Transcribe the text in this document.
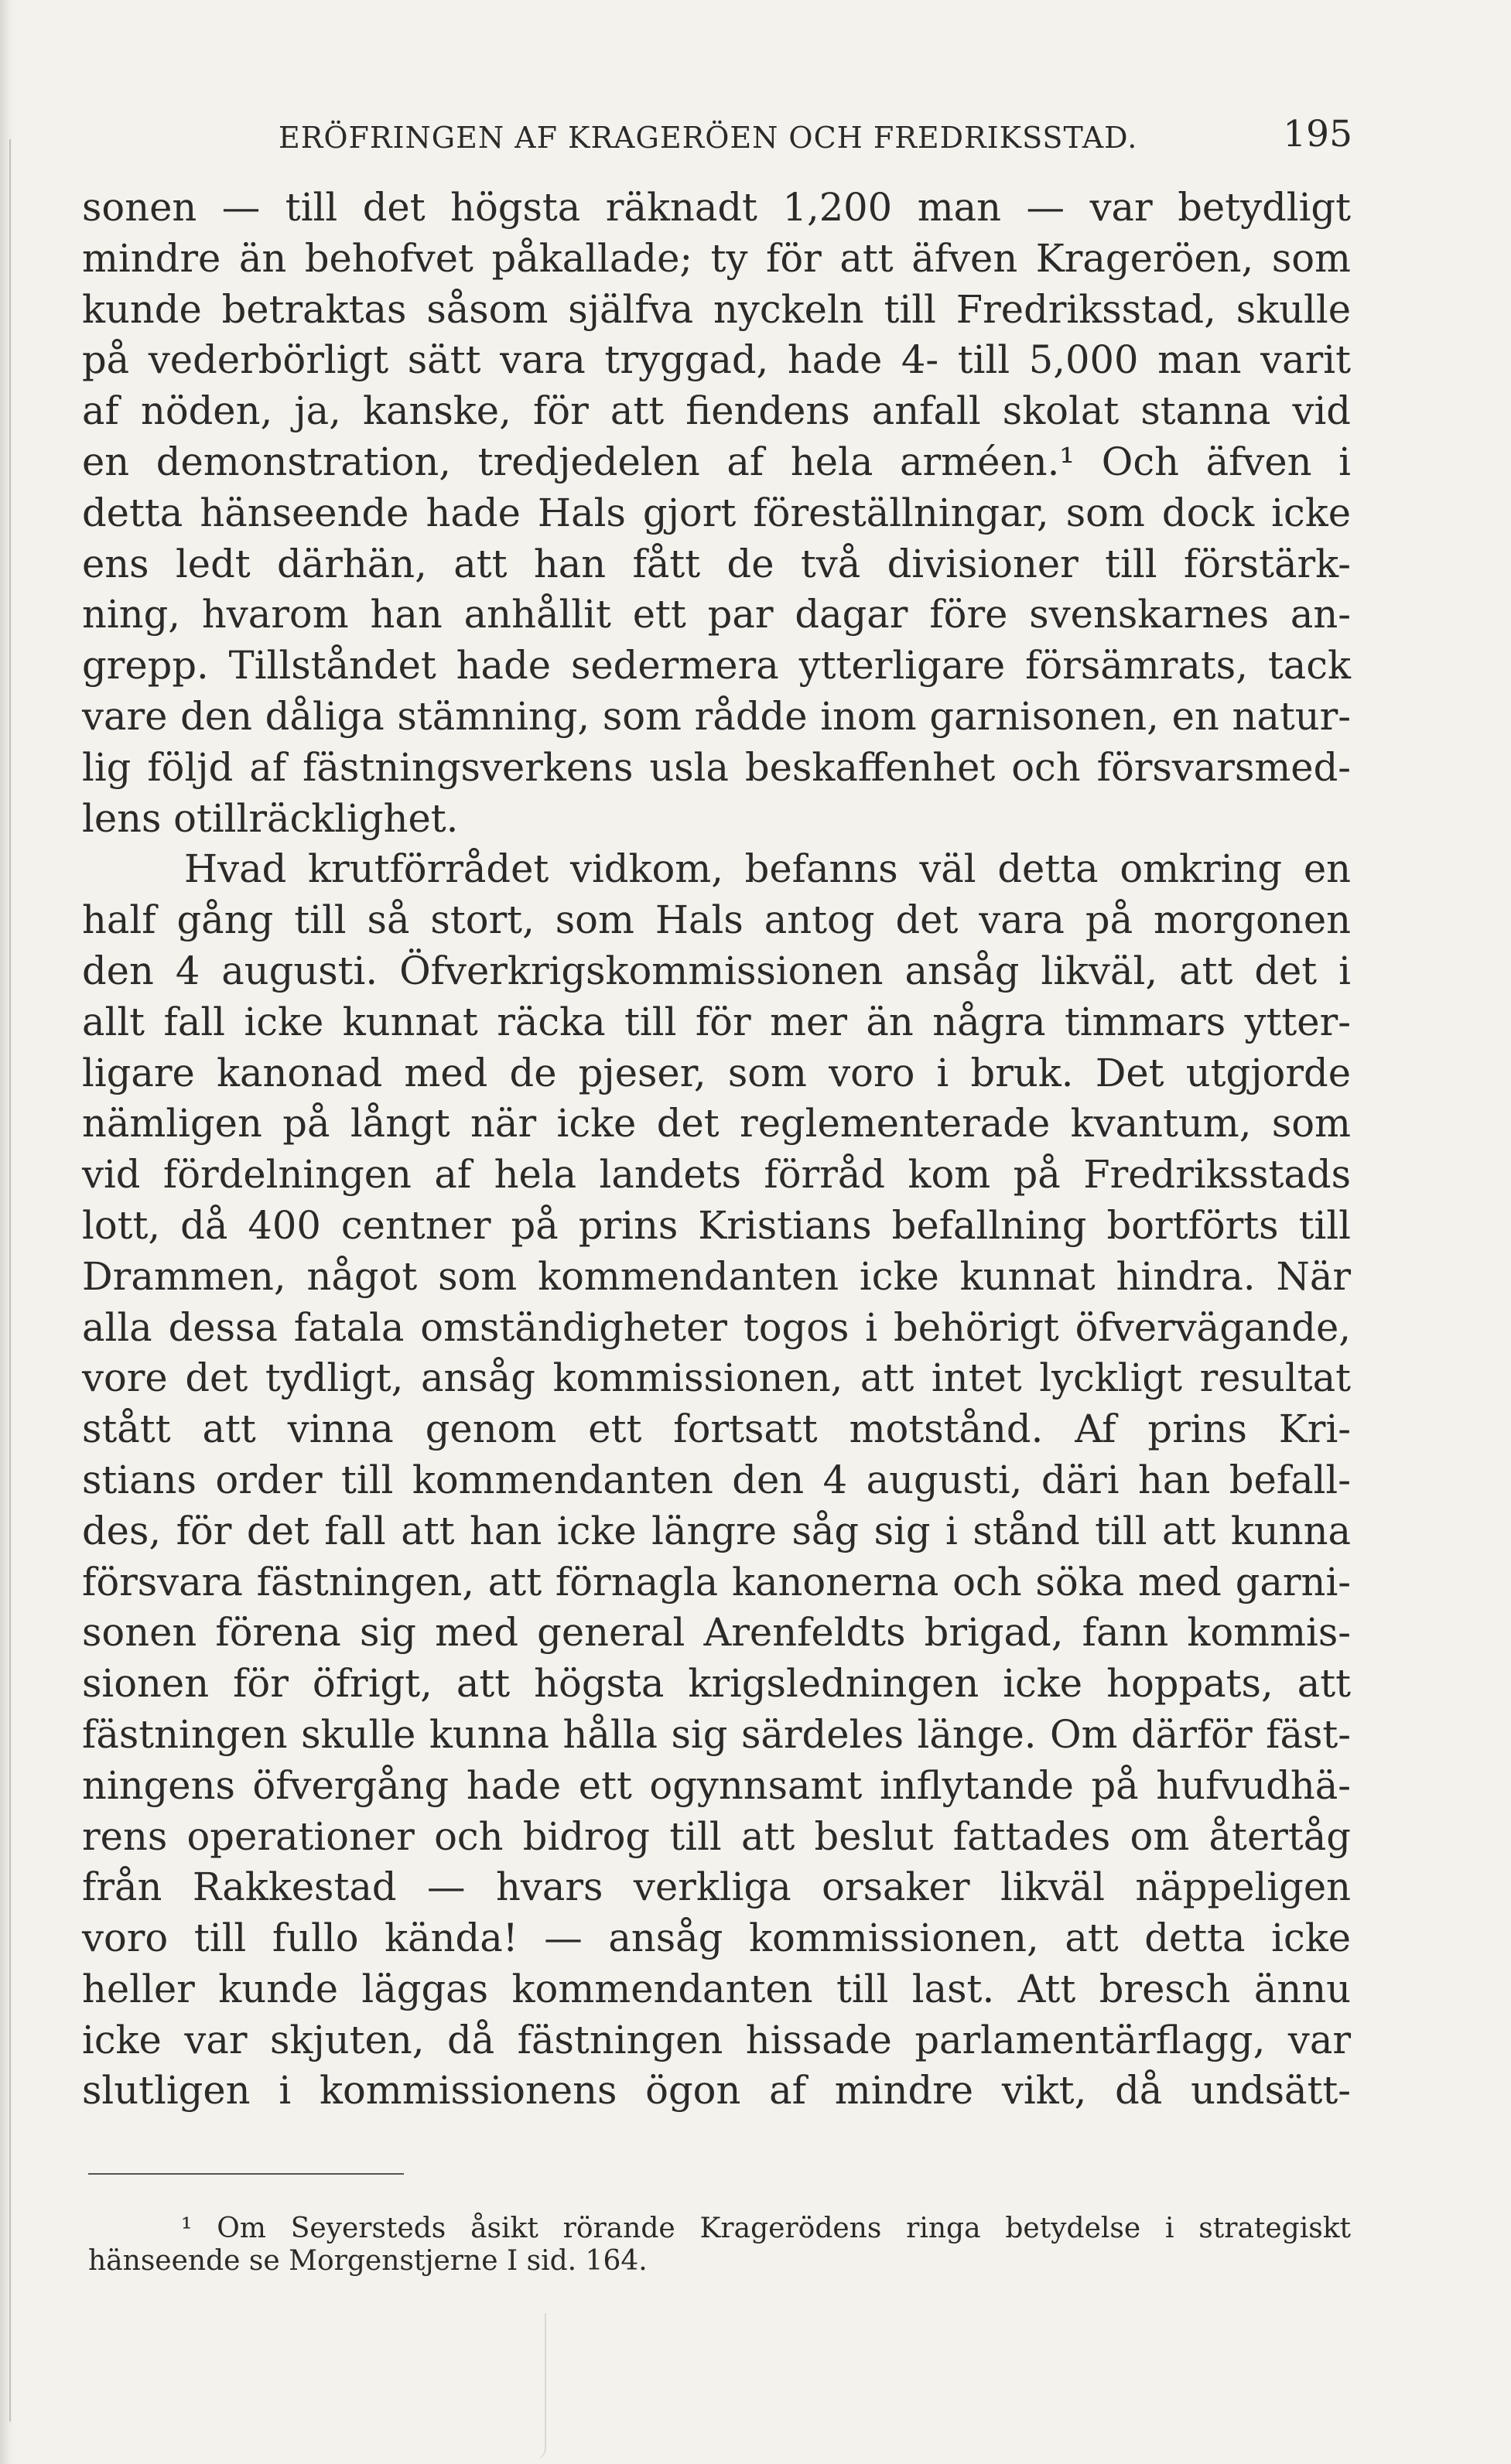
ERÖFRINGEN AF KRAGERÖEN OCH FREDRIKSSTAD.	195
sonen — till det högsta räknadt 1,200 man — var betydligt
mindre än behofvet påkallade; ty för att äfven Krageröen, som
kunde betraktas såsom själfva nyckeln till Fredriksstad, skulle
på vederbörligt sätt vara tryggad, hade 4- till 5,000 man varit
af nöden, ja, kanske, för att fiendens anfall skolat stanna vid
en demonstration, tredjedelen af hela arméen.¹ Och äfven i
detta hänseende hade Hals gjort föreställningar, som dock icke
ens ledt därhän, att han fått de två divisioner till förstärk-
ning, hvarom han anhållit ett par dagar före svenskarnes an-
grepp. Tillståndet hade sedermera ytterligare försämrats, tack
vare den dåliga stämning, som rådde inom garnisonen, en natur-
lig följd af fästningsverkens usla beskaffenhet och försvarsmed-
lens otillräcklighet.
Hvad krutförrådet vidkom, befanns väl detta omkring en
half gång till så stort, som Hals antog det vara på morgonen
den 4 augusti. Öfverkrigskommissionen ansåg likväl, att det i
allt fall icke kunnat räcka till för mer än några timmars ytter-
ligare kanonad med de pjeser, som voro i bruk. Det utgjorde
nämligen på långt när icke det reglementerade kvantum, som
vid fördelningen af hela landets förråd kom på Fredriksstads
lott, då 400 centner på prins Kristians befallning bortförts till
Drammen, något som kommendanten icke kunnat hindra. När
alla dessa fatala omständigheter togos i behörigt öfvervägande,
vore det tydligt, ansåg kommissionen, att intet lyckligt resultat
stått att vinna genom ett fortsatt motstånd. Af prins Kri-
stians order till kommendanten den 4 augusti, däri han befall-
des, för det fall att han icke längre såg sig i stånd till att kunna
försvara fästningen, att förnagla kanonerna och söka med garni-
sonen förena sig med general Arenfeldts brigad, fann kommis-
sionen för öfrigt, att högsta krigsledningen icke hoppats, att
fästningen skulle kunna hålla sig särdeles länge. Om därför fäst-
ningens öfvergång hade ett ogynnsamt inflytande på hufvudhä-
rens operationer och bidrog till att beslut fattades om återtåg
från Rakkestad — hvars verkliga orsaker likväl näppeligen
voro till fullo kända! — ansåg kommissionen, att detta icke
heller kunde läggas kommendanten till last. Att bresch ännu
icke var skjuten, då fästningen hissade parlamentärflagg, var
slutligen i kommissionens ögon af mindre vikt, då undsätt-
¹ Om Seyersteds åsikt rörande Kragerödens ringa betydelse i strategiskt
hänseende se Morgenstjerne I sid. 164.
